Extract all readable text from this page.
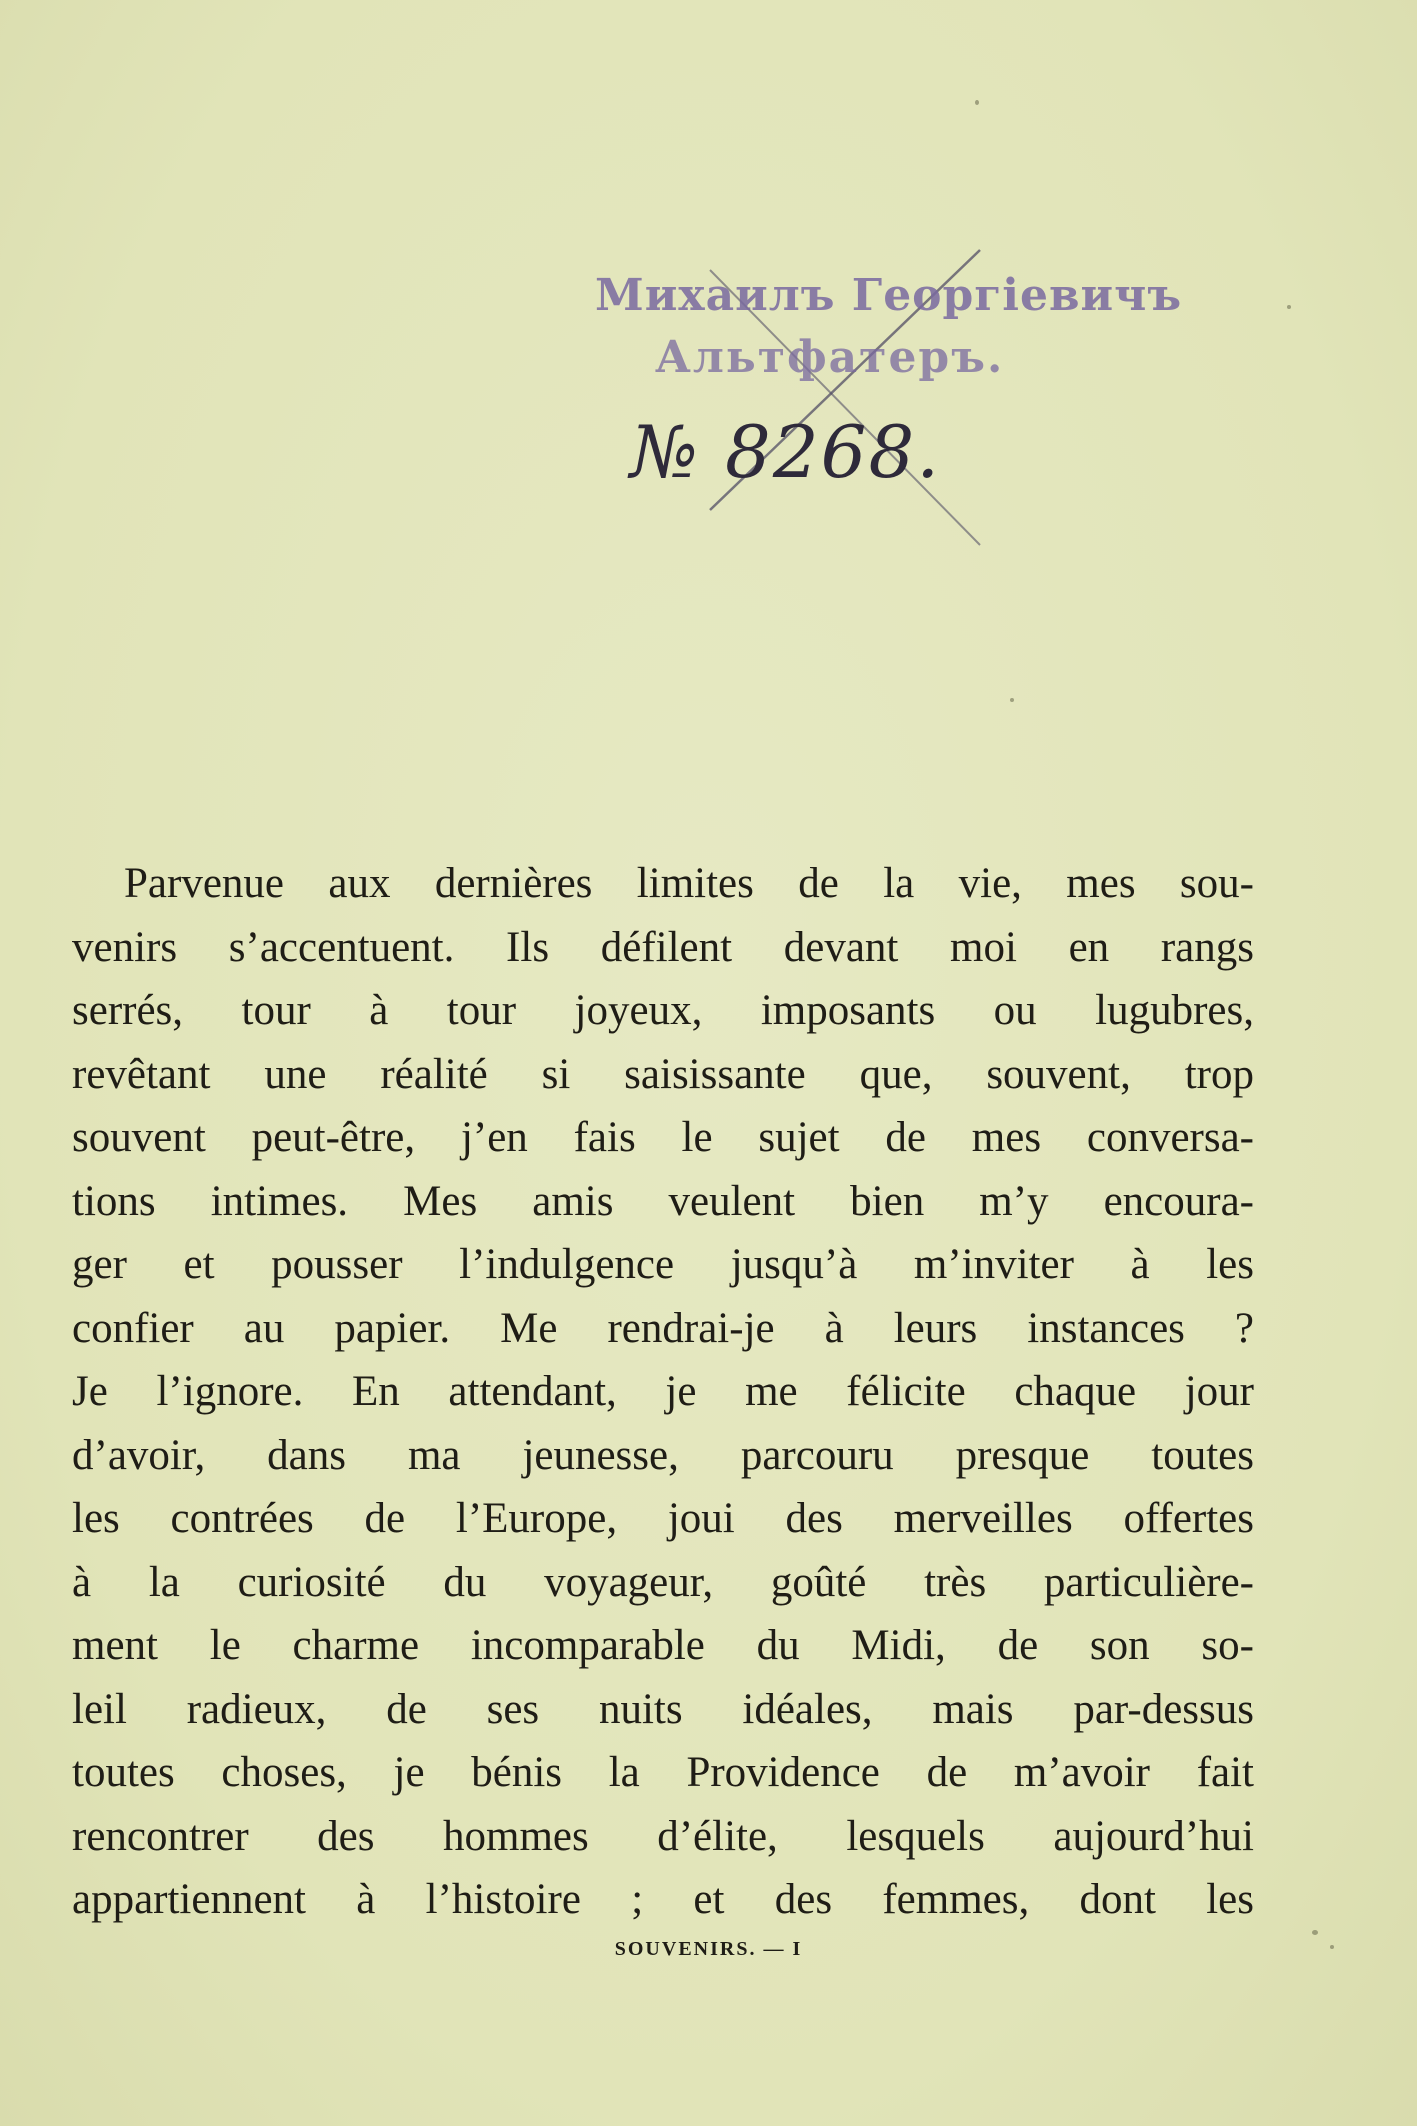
Михаилъ Георгіевичъ
Альтфатеръ.
№ 8268.
Parvenue aux dernières limites de la vie, mes sou-
venirs s’accentuent. Ils défilent devant moi en rangs
serrés, tour à tour joyeux, imposants ou lugubres,
revêtant une réalité si saisissante que, souvent, trop
souvent peut-être, j’en fais le sujet de mes conversa-
tions intimes. Mes amis veulent bien m’y encoura-
ger et pousser l’indulgence jusqu’à m’inviter à les
confier au papier. Me rendrai-je à leurs instances ?
Je l’ignore. En attendant, je me félicite chaque jour
d’avoir, dans ma jeunesse, parcouru presque toutes
les contrées de l’Europe, joui des merveilles offertes
à la curiosité du voyageur, goûté très particulière-
ment le charme incomparable du Midi, de son so-
leil radieux, de ses nuits idéales, mais par-dessus
toutes choses, je bénis la Providence de m’avoir fait
rencontrer des hommes d’élite, lesquels aujourd’hui
appartiennent à l’histoire ; et des femmes, dont les
SOUVENIRS. — I
